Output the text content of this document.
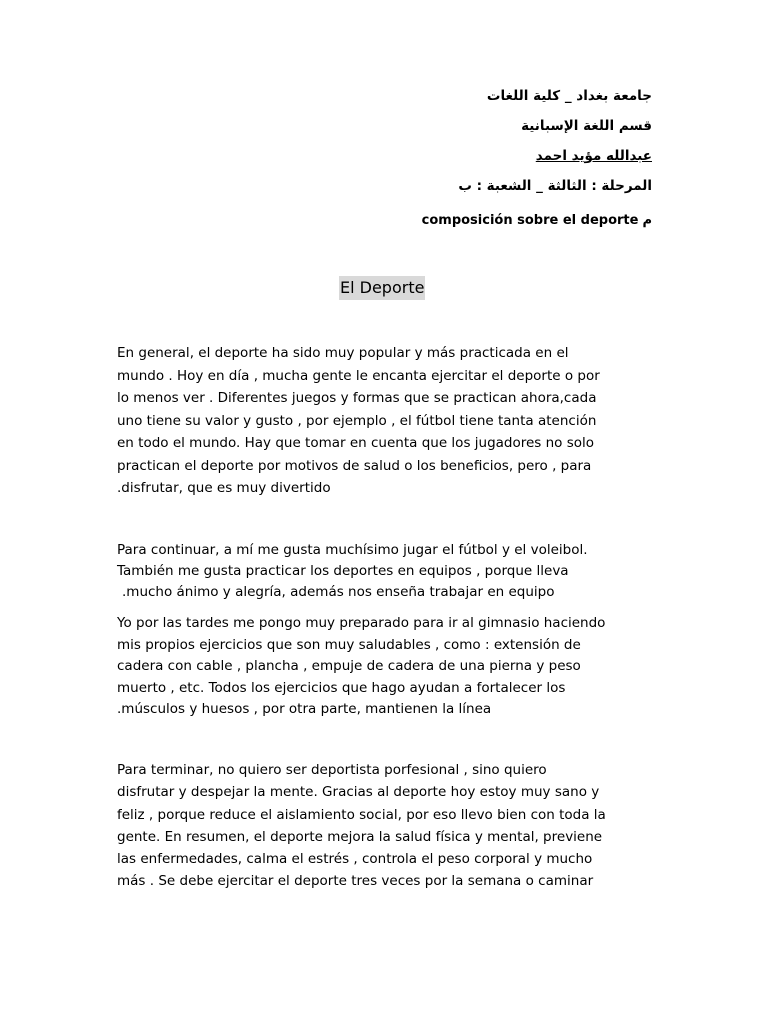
جامعة بغداد _ كلية اللغات

قسم اللغة الإسبانية

عبدالله مؤيد احمد

المرحلة : الثالثة _ الشعبة : ب

composición sobre el deporte م
El Deporte
En general, el deporte ha sido muy popular y más practicada en el
mundo . Hoy en día , mucha gente le encanta ejercitar el deporte o por
lo menos ver . Diferentes juegos y formas que se practican ahora,cada
uno tiene su valor y gusto , por ejemplo , el fútbol tiene tanta atención
en todo el mundo. Hay que tomar en cuenta que los jugadores no solo
practican el deporte por motivos de salud o los beneficios, pero , para
.disfrutar, que es muy divertido
Para continuar, a mí me gusta muchísimo jugar el fútbol y el voleibol.
También me gusta practicar los deportes en equipos , porque lleva
.mucho ánimo y alegría, además nos enseña trabajar en equipo
Yo por las tardes me pongo muy preparado para ir al gimnasio haciendo
mis propios ejercicios que son muy saludables , como : extensión de
cadera con cable , plancha , empuje de cadera de una pierna y peso
muerto , etc. Todos los ejercicios que hago ayudan a fortalecer los
.músculos y huesos , por otra parte, mantienen la línea
Para terminar, no quiero ser deportista porfesional , sino quiero
disfrutar y despejar la mente. Gracias al deporte hoy estoy muy sano y
feliz , porque reduce el aislamiento social, por eso llevo bien con toda la
gente. En resumen, el deporte mejora la salud física y mental, previene
las enfermedades, calma el estrés , controla el peso corporal y mucho
más . Se debe ejercitar el deporte tres veces por la semana o caminar
